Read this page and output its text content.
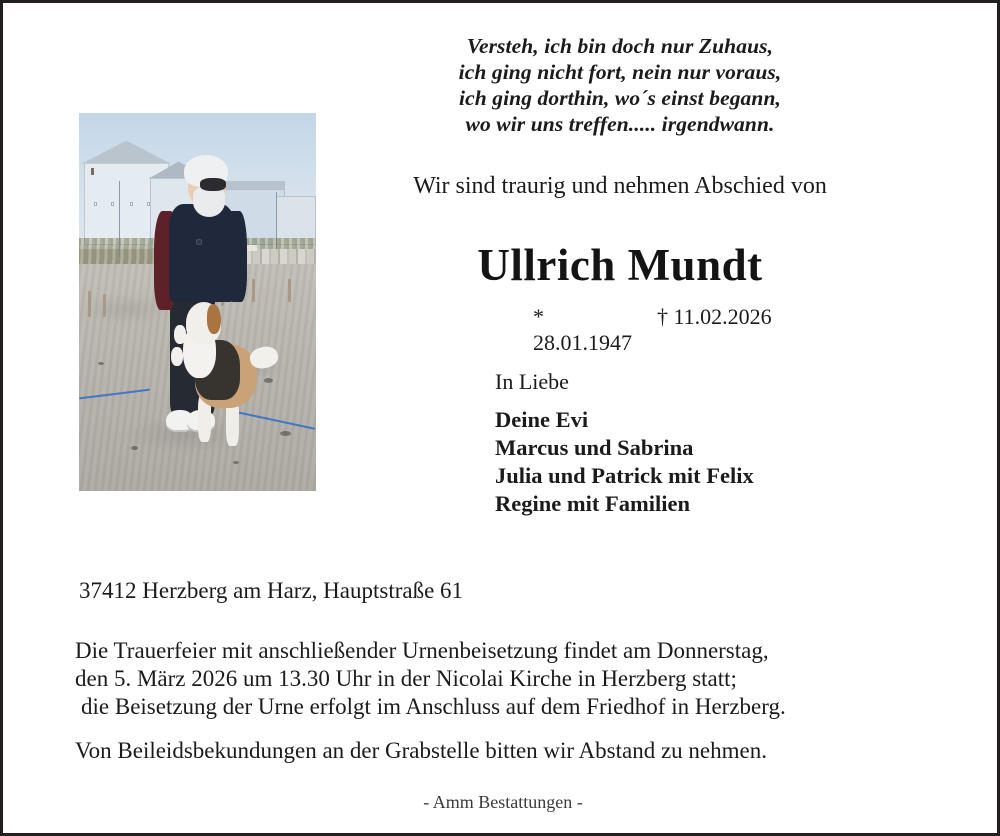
Versteh, ich bin doch nur Zuhaus,
ich ging nicht fort, nein nur voraus,
ich ging dorthin, wo´s einst begann,
wo wir uns treffen..... irgendwann.
Wir sind traurig und nehmen Abschied von
Ullrich Mundt
* 28.01.1947
† 11.02.2026
In Liebe
Deine Evi
Marcus und Sabrina
Julia und Patrick mit Felix
Regine mit Familien
37412 Herzberg am Harz, Hauptstraße 61
Die Trauerfeier mit anschließender Urnenbeisetzung findet am Donnerstag,
den 5. März 2026 um 13.30 Uhr in der Nicolai Kirche in Herzberg statt;
die Beisetzung der Urne erfolgt im Anschluss auf dem Friedhof in Herzberg.
Von Beileidsbekundungen an der Grabstelle bitten wir Abstand zu nehmen.
- Amm Bestattungen -
